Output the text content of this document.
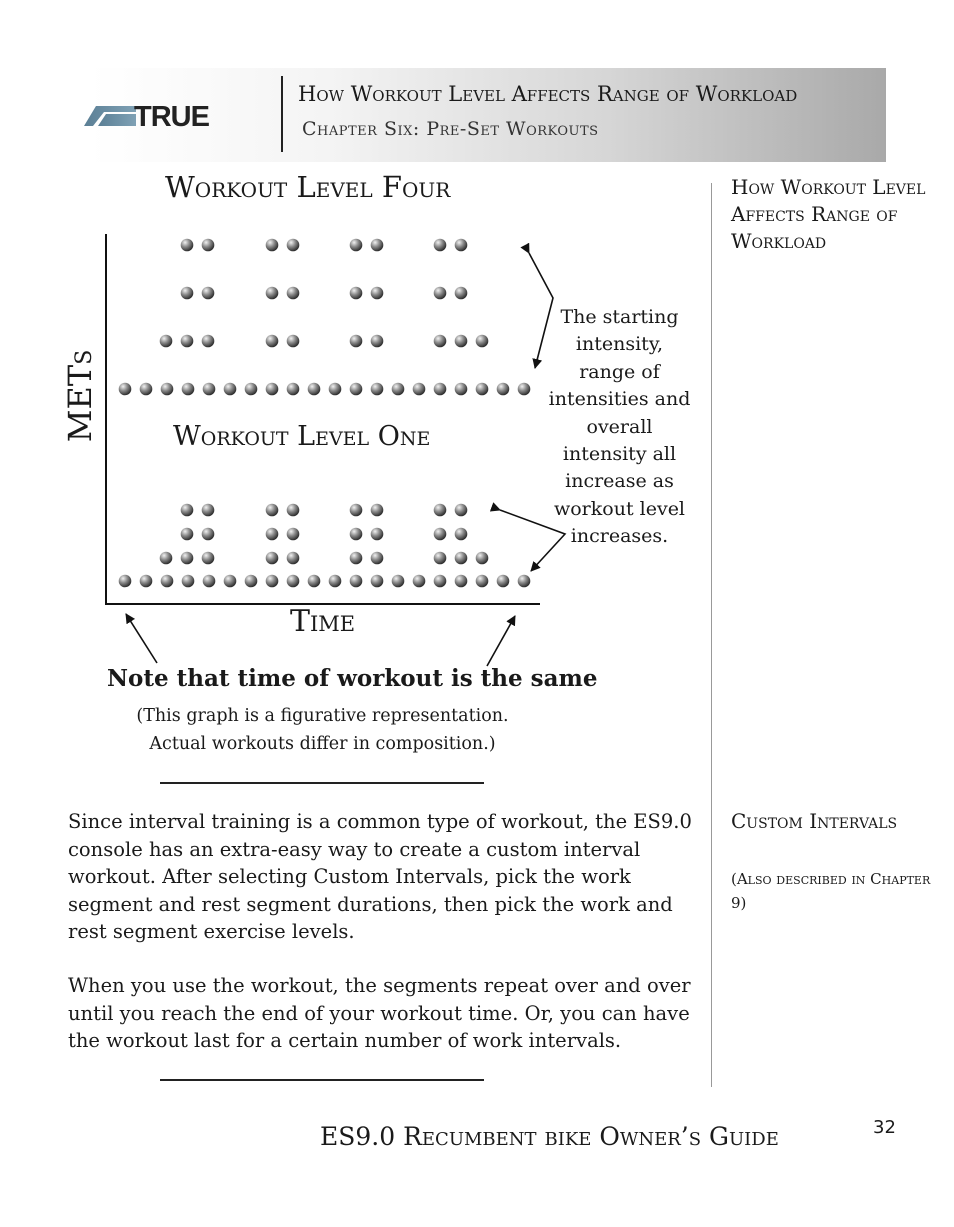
TRUE
How Workout Level Affects Range of Workload
Chapter Six: Pre-Set Workouts
Workout Level Four
Workout Level One
METs
Time
The starting intensity, range of intensities and overall intensity all increase as workout level increases.
Note that time of workout is the same
(This graph is a figurative representation.
Actual workouts differ in composition.)
How Workout Level Affects Range of Workload
Custom Intervals
(Also described in Chapter 9)
Since interval training is a common type of workout, the ES9.0 console has an extra-easy way to create a custom interval workout. After selecting Custom Intervals, pick the work segment and rest segment durations, then pick the work and rest segment exercise levels.
When you use the workout, the segments repeat over and over until you reach the end of your workout time. Or, you can have the workout last for a certain number of work intervals.
ES9.0 Recumbent bike Owner’s Guide	32
